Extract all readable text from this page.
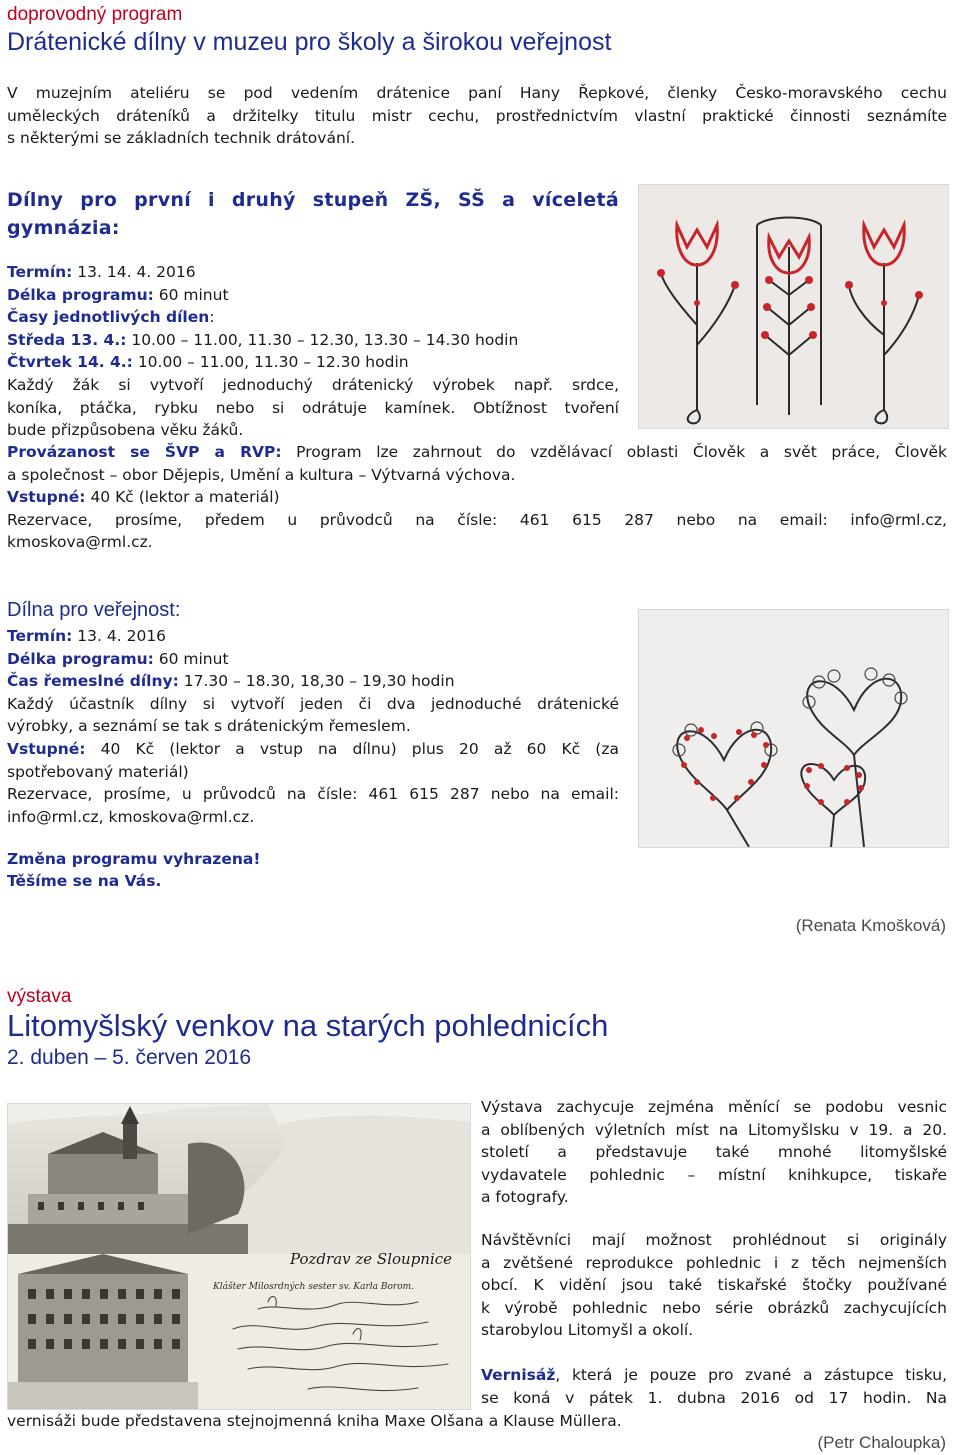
doprovodný program
Drátenické dílny v muzeu pro školy a širokou veřejnost
V muzejním ateliéru se pod vedením drátenice paní Hany Řepkové, členky Česko-moravského cechu
uměleckých dráteníků a držitelky titulu mistr cechu, prostřednictvím vlastní praktické činnosti seznámíte
s některými se základních technik drátování.
Dílny pro první i druhý stupeň ZŠ, SŠ a víceletá
gymnázia:
Termín: 13. 14. 4. 2016
Délka programu: 60 minut
Časy jednotlivých dílen:
Středa 13. 4.: 10.00 – 11.00, 11.30 – 12.30, 13.30 – 14.30 hodin
Čtvrtek 14. 4.: 10.00 – 11.00, 11.30 – 12.30 hodin
Každý žák si vytvoří jednoduchý drátenický výrobek např. srdce,
koníka, ptáčka, rybku nebo si odrátuje kamínek. Obtížnost tvoření
bude přizpůsobena věku žáků.
Provázanost se ŠVP a RVP: Program lze zahrnout do vzdělávací oblasti Člověk a svět práce, Člověk
a společnost – obor Dějepis, Umění a kultura – Výtvarná výchova.
Vstupné: 40 Kč (lektor a materiál)
Rezervace, prosíme, předem u průvodců na čísle: 461 615 287 nebo na email: info@rml.cz,
kmoskova@rml.cz.
Dílna pro veřejnost:
Termín: 13. 4. 2016
Délka programu: 60 minut
Čas řemeslné dílny: 17.30 – 18.30, 18,30 – 19,30 hodin
Každý účastník dílny si vytvoří jeden či dva jednoduché drátenické
výrobky, a seznámí se tak s drátenickým řemeslem.
Vstupné: 40 Kč (lektor a vstup na dílnu) plus 20 až 60 Kč (za
spotřebovaný materiál)
Rezervace, prosíme, u průvodců na čísle: 461 615 287 nebo na email:
info@rml.cz, kmoskova@rml.cz.
Změna programu vyhrazena!
Těšíme se na Vás.
(Renata Kmošková)
výstava
Litomyšlský venkov na starých pohlednicích
2. duben – 5. červen 2016
Pozdrav ze Sloupnice
Klášter Milosrdných sester sv. Karla Borom.
Výstava zachycuje zejména měnící se podobu vesnic
a oblíbených výletních míst na Litomyšlsku v 19. a 20.
století a představuje také mnohé litomyšlské
vydavatele pohlednic – místní knihkupce, tiskaře
a fotografy.
Návštěvníci mají možnost prohlédnout si originály
a zvětšené reprodukce pohlednic i z těch nejmenších
obcí. K vidění jsou také tiskařské štočky používané
k výrobě pohlednic nebo série obrázků zachycujících
starobylou Litomyšl a okolí.
Vernisáž, která je pouze pro zvané a zástupce tisku,
se koná v pátek 1. dubna 2016 od 17 hodin. Na
vernisáži bude představena stejnojmenná kniha Maxe Olšana a Klause Müllera.
(Petr Chaloupka)
